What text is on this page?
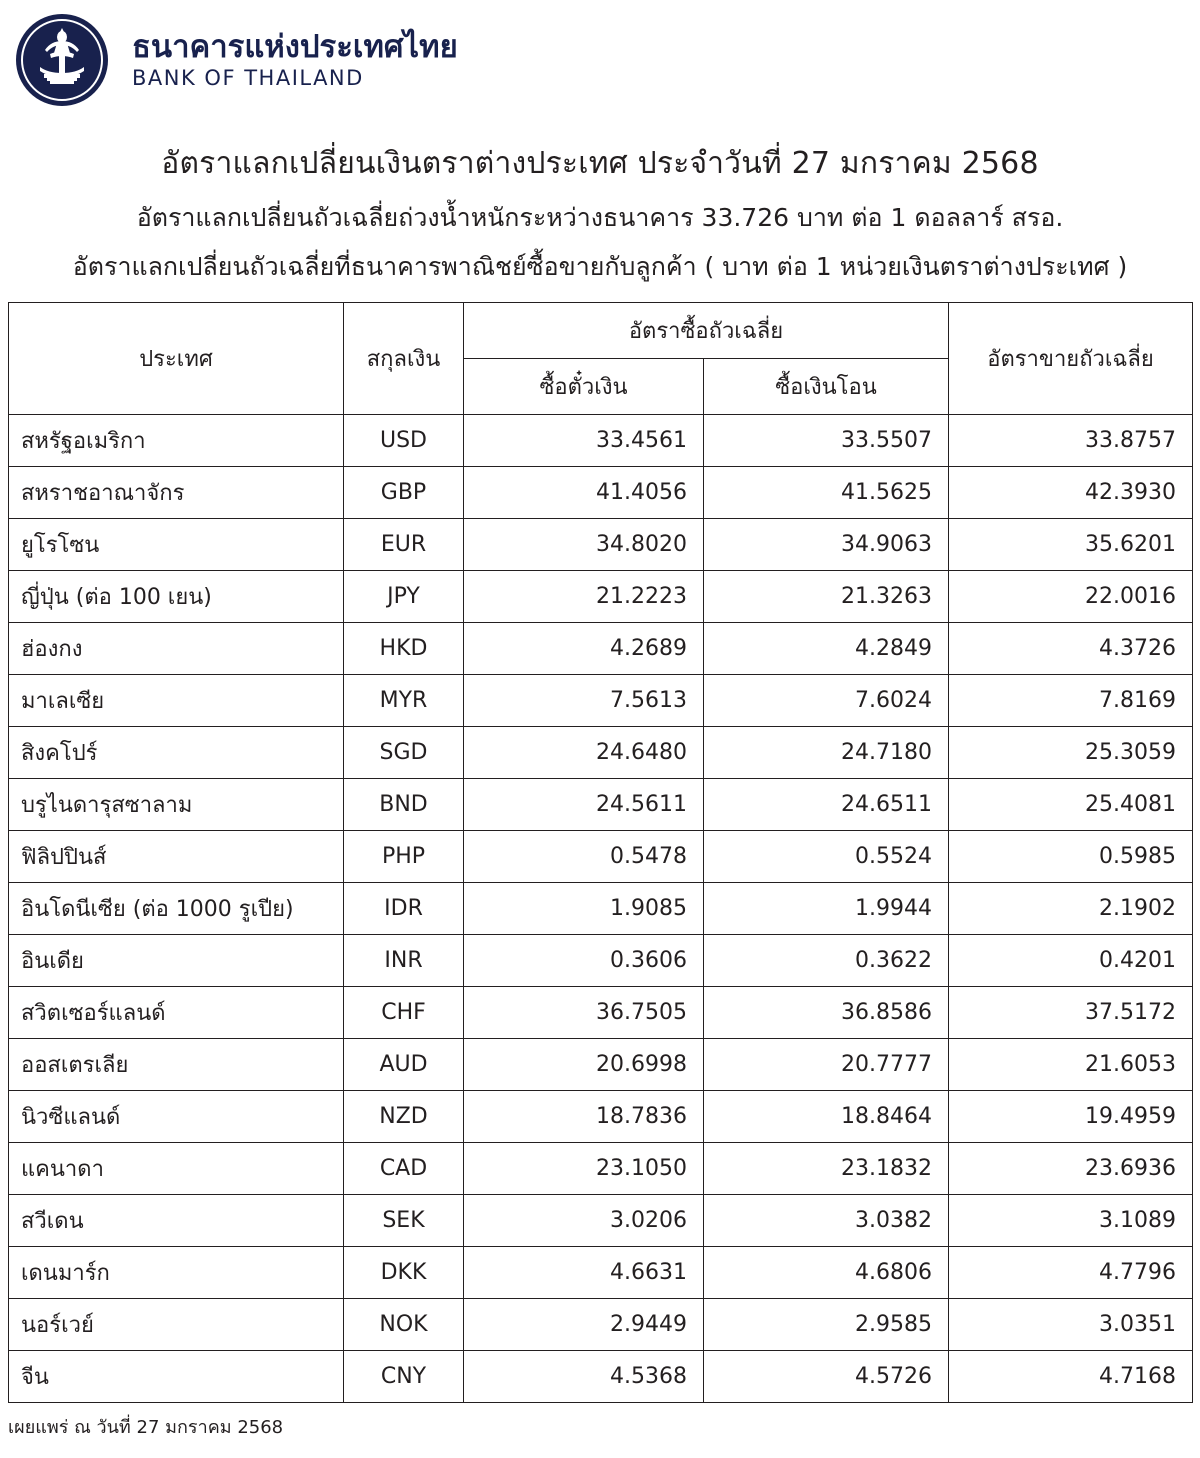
ธนาคารแห่งประเทศไทย
BANK OF THAILAND
อัตราแลกเปลี่ยนเงินตราต่างประเทศ ประจำวันที่ 27 มกราคม 2568
อัตราแลกเปลี่ยนถัวเฉลี่ยถ่วงน้ำหนักระหว่างธนาคาร 33.726 บาท ต่อ 1 ดอลลาร์ สรอ.
อัตราแลกเปลี่ยนถัวเฉลี่ยที่ธนาคารพาณิชย์ซื้อขายกับลูกค้า ( บาท ต่อ 1 หน่วยเงินตราต่างประเทศ )
ประเทศ	สกุลเงิน	อัตราซื้อถัวเฉลี่ย		อัตราขายถัวเฉลี่ย
		ซื้อตั๋วเงิน	ซื้อเงินโอน	
สหรัฐอเมริกา	USD	33.4561	33.5507	33.8757
สหราชอาณาจักร	GBP	41.4056	41.5625	42.3930
ยูโรโซน	EUR	34.8020	34.9063	35.6201
ญี่ปุ่น (ต่อ 100 เยน)	JPY	21.2223	21.3263	22.0016
ฮ่องกง	HKD	4.2689	4.2849	4.3726
มาเลเซีย	MYR	7.5613	7.6024	7.8169
สิงคโปร์	SGD	24.6480	24.7180	25.3059
บรูไนดารุสซาลาม	BND	24.5611	24.6511	25.4081
ฟิลิปปินส์	PHP	0.5478	0.5524	0.5985
อินโดนีเซีย (ต่อ 1000 รูเปีย)	IDR	1.9085	1.9944	2.1902
อินเดีย	INR	0.3606	0.3622	0.4201
สวิตเซอร์แลนด์	CHF	36.7505	36.8586	37.5172
ออสเตรเลีย	AUD	20.6998	20.7777	21.6053
นิวซีแลนด์	NZD	18.7836	18.8464	19.4959
แคนาดา	CAD	23.1050	23.1832	23.6936
สวีเดน	SEK	3.0206	3.0382	3.1089
เดนมาร์ก	DKK	4.6631	4.6806	4.7796
นอร์เวย์	NOK	2.9449	2.9585	3.0351
จีน	CNY	4.5368	4.5726	4.7168
เผยแพร่ ณ วันที่ 27 มกราคม 2568
